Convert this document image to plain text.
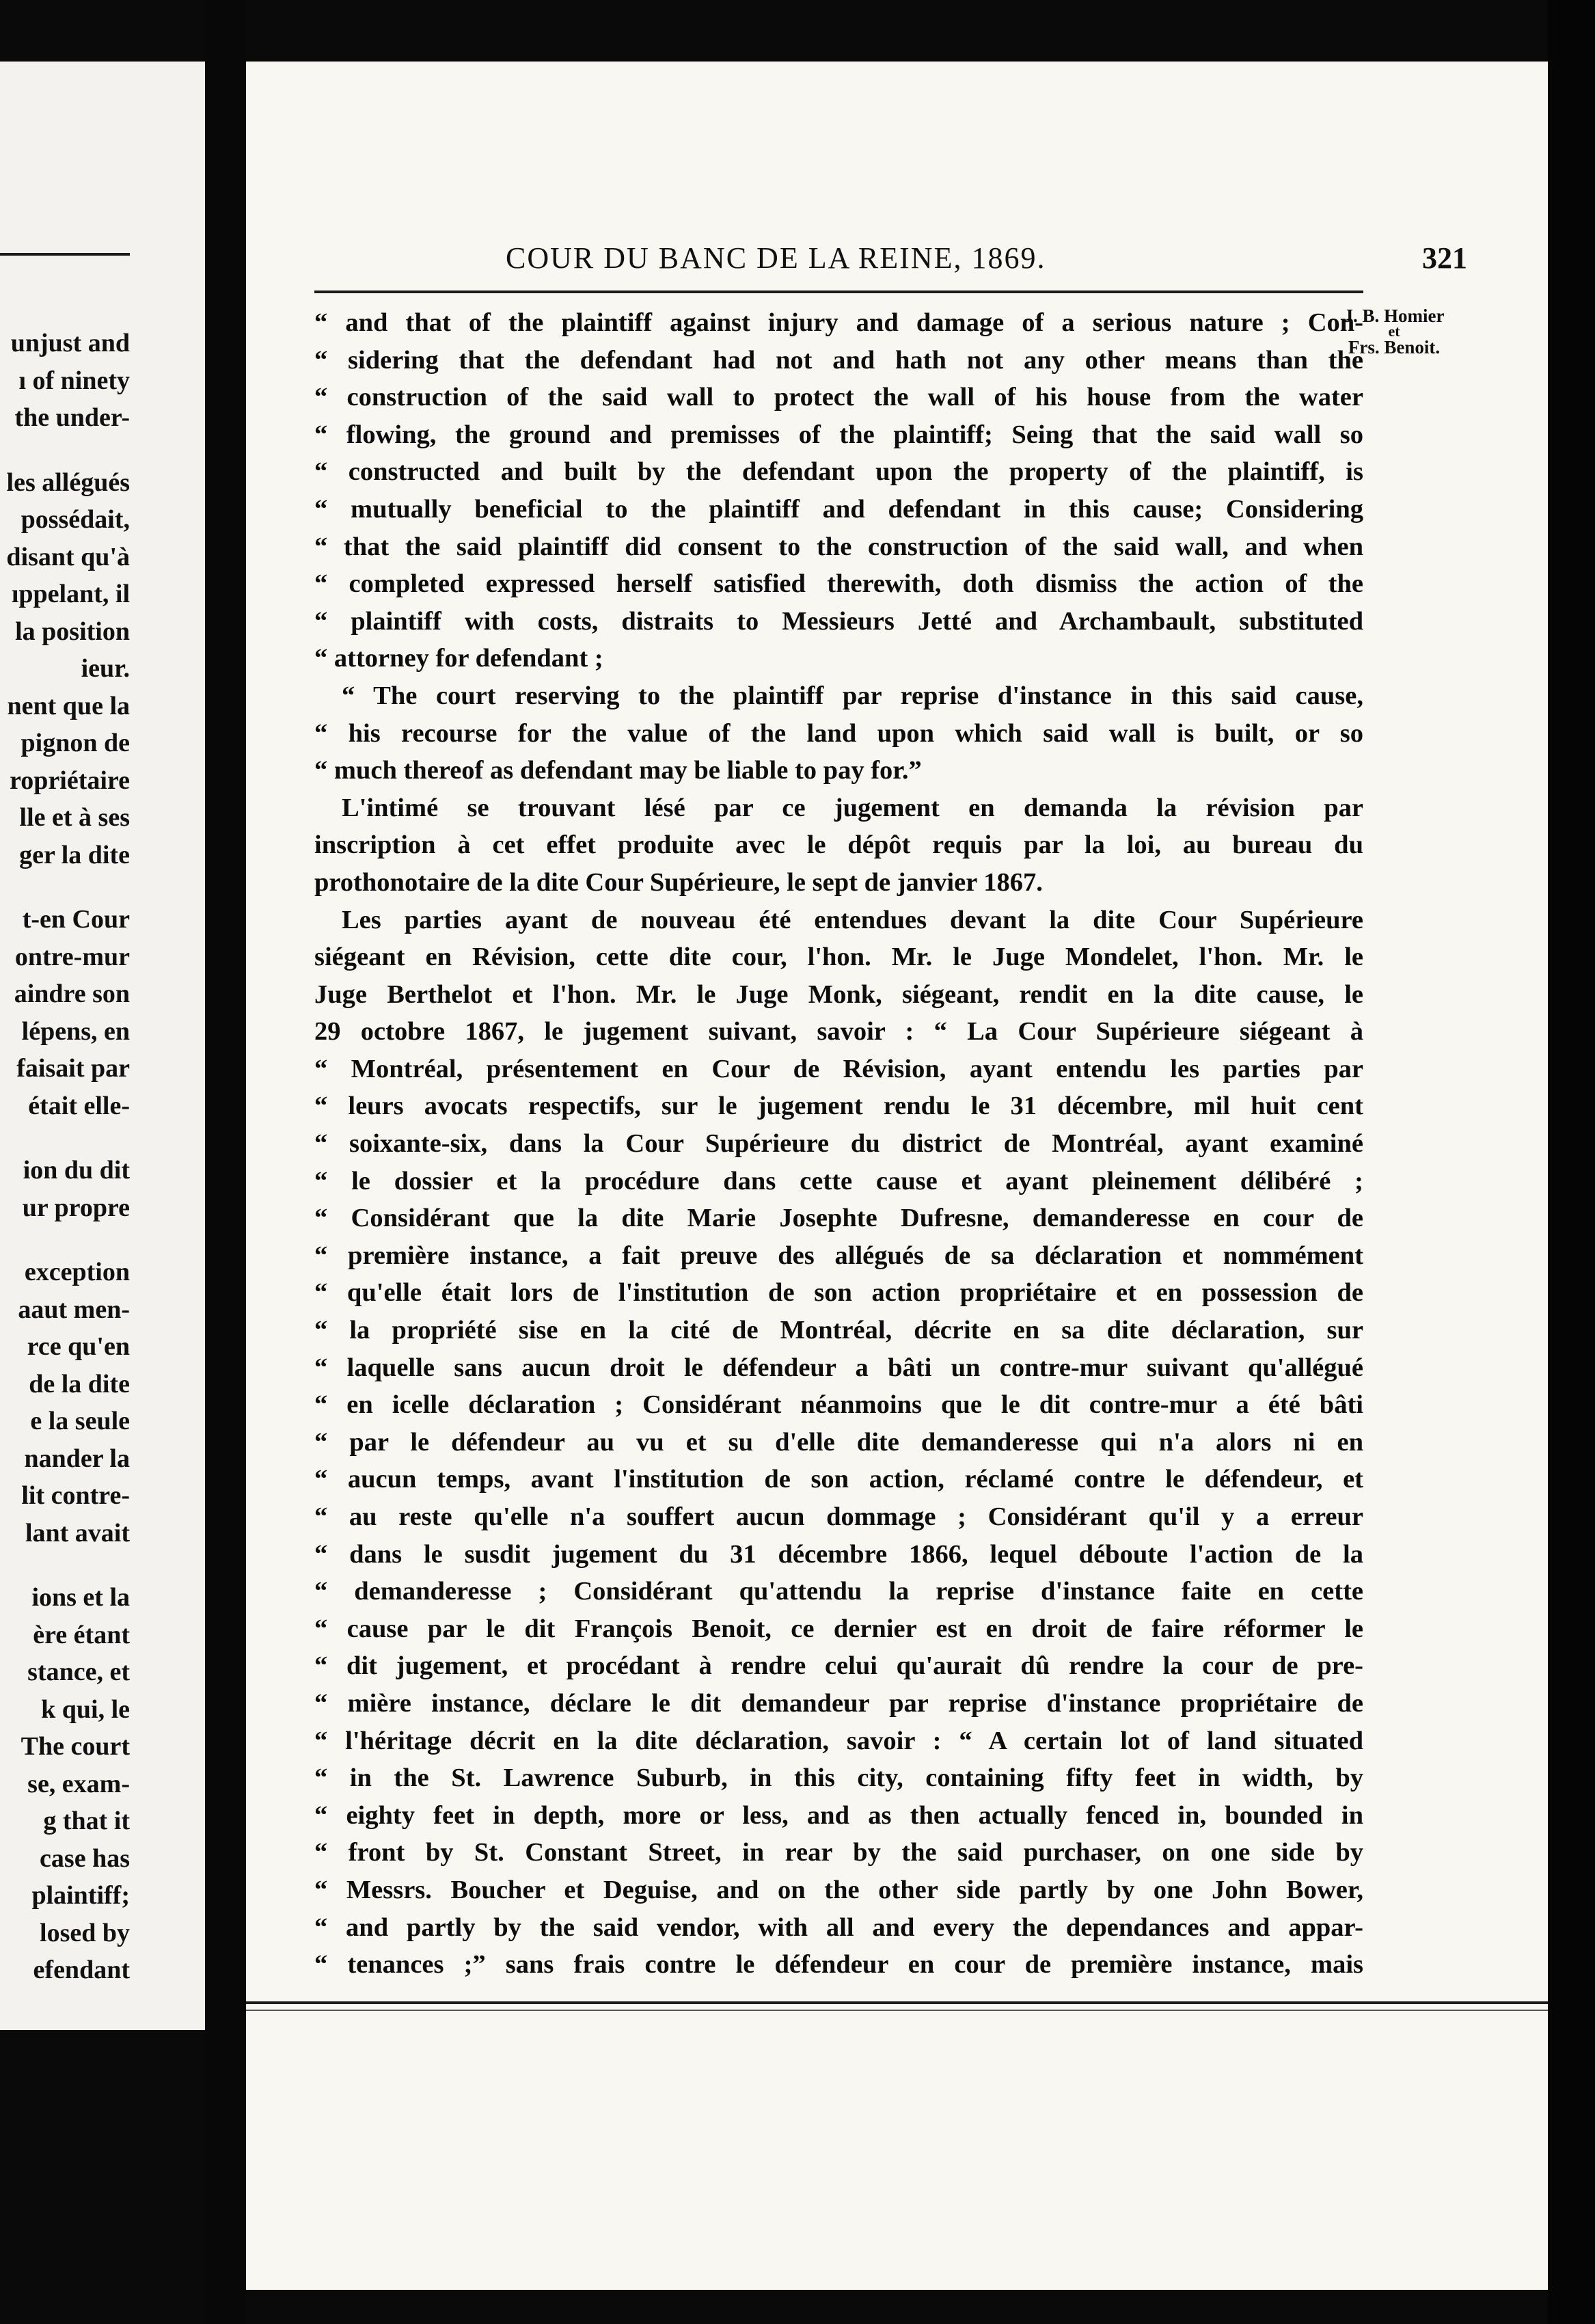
unjust and
ı of ninety
the under-
les allégués
possédait,
disant qu'à
ıppelant, il
la position
ieur.
nent que la
pignon de
ropriétaire
lle et à ses
ger la dite
t-en Cour
ontre-mur
aindre son
lépens, en
faisait par
était elle-
ion du dit
ur propre
exception
aaut men-
rce qu'en
de la dite
e la seule
nander la
lit contre-
lant avait
ions et la
ère étant
stance, et
k qui, le
The court
se, exam-
g that it
case has
plaintiff;
losed by
efendant
COUR DU BANC DE LA REINE, 1869.	321
J. B. Homier
et
Frs. Benoit.
“ and that of the plaintiff against injury and damage of a serious nature ; Con-
“ sidering that the defendant had not and hath not any other means than the
“ construction of the said wall to protect the wall of his house from the water
“ flowing, the ground and premisses of the plaintiff; Seing that the said wall so
“ constructed and built by the defendant upon the property of the plaintiff, is
“ mutually beneficial to the plaintiff and defendant in this cause; Considering
“ that the said plaintiff did consent to the construction of the said wall, and when
“ completed expressed herself satisfied therewith, doth dismiss the action of the
“ plaintiff with costs, distraits to Messieurs Jetté and Archambault, substituted
“ attorney for defendant ;
“ The court reserving to the plaintiff par reprise d'instance in this said cause,
“ his recourse for the value of the land upon which said wall is built, or so
“ much thereof as defendant may be liable to pay for.”
L'intimé se trouvant lésé par ce jugement en demanda la révision par
inscription à cet effet produite avec le dépôt requis par la loi, au bureau du
prothonotaire de la dite Cour Supérieure, le sept de janvier 1867.
Les parties ayant de nouveau été entendues devant la dite Cour Supérieure
siégeant en Révision, cette dite cour, l'hon. Mr. le Juge Mondelet, l'hon. Mr. le
Juge Berthelot et l'hon. Mr. le Juge Monk, siégeant, rendit en la dite cause, le
29 octobre 1867, le jugement suivant, savoir : “ La Cour Supérieure siégeant à
“ Montréal, présentement en Cour de Révision, ayant entendu les parties par
“ leurs avocats respectifs, sur le jugement rendu le 31 décembre, mil huit cent
“ soixante-six, dans la Cour Supérieure du district de Montréal, ayant examiné
“ le dossier et la procédure dans cette cause et ayant pleinement délibéré ;
“ Considérant que la dite Marie Josephte Dufresne, demanderesse en cour de
“ première instance, a fait preuve des allégués de sa déclaration et nommément
“ qu'elle était lors de l'institution de son action propriétaire et en possession de
“ la propriété sise en la cité de Montréal, décrite en sa dite déclaration, sur
“ laquelle sans aucun droit le défendeur a bâti un contre-mur suivant qu'allégué
“ en icelle déclaration ; Considérant néanmoins que le dit contre-mur a été bâti
“ par le défendeur au vu et su d'elle dite demanderesse qui n'a alors ni en
“ aucun temps, avant l'institution de son action, réclamé contre le défendeur, et
“ au reste qu'elle n'a souffert aucun dommage ; Considérant qu'il y a erreur
“ dans le susdit jugement du 31 décembre 1866, lequel déboute l'action de la
“ demanderesse ; Considérant qu'attendu la reprise d'instance faite en cette
“ cause par le dit François Benoit, ce dernier est en droit de faire réformer le
“ dit jugement, et procédant à rendre celui qu'aurait dû rendre la cour de pre-
“ mière instance, déclare le dit demandeur par reprise d'instance propriétaire de
“ l'héritage décrit en la dite déclaration, savoir : “ A certain lot of land situated
“ in the St. Lawrence Suburb, in this city, containing fifty feet in width, by
“ eighty feet in depth, more or less, and as then actually fenced in, bounded in
“ front by St. Constant Street, in rear by the said purchaser, on one side by
“ Messrs. Boucher et Deguise, and on the other side partly by one John Bower,
“ and partly by the said vendor, with all and every the dependances and appar-
“ tenances ;” sans frais contre le défendeur en cour de première instance, mais
